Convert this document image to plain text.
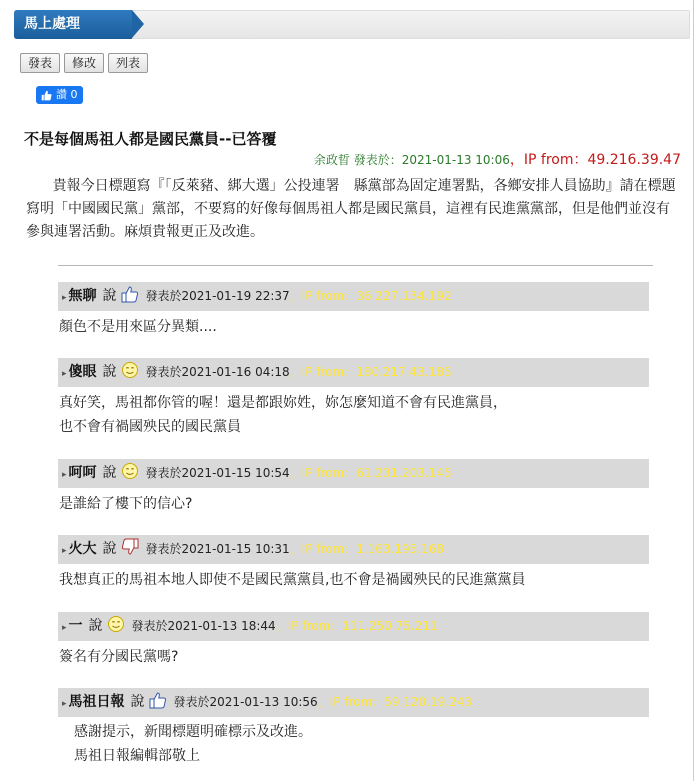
馬上處理
發表	修改	列表
讚 0
不是每個馬祖人都是國民黨員--已答覆
余政晢 發表於：2021-01-13 10:06，IP from：49.216.39.47
貴報今日標題寫『「反萊豬、綁大選」公投連署　縣黨部為固定連署點，各鄉安排人員協助』請在標題寫明「中國國民黨」黨部，不要寫的好像每個馬祖人都是國民黨員，這裡有民進黨黨部，但是他們並沒有參與連署活動。麻煩貴報更正及改進。
▸ 無聊 說 發表於2021-01-19 22:37，IP from：36.227.134.192
顏色不是用來區分異類....
▸ 傻眼 說 發表於2021-01-16 04:18，IP from：180.217.43.185
真好笑，馬祖都你管的喔！還是都跟妳姓，妳怎麼知道不會有民進黨員，
也不會有禍國殃民的國民黨員
▸ 呵呵 說 發表於2021-01-15 10:54，IP from：61.231.203.145
是誰給了樓下的信心?
▸ 火大 說 發表於2021-01-15 10:31，IP from：1.163.195.168
我想真正的馬祖本地人即使不是國民黨黨員,也不會是禍國殃民的民進黨黨員
▸ 一 說 發表於2021-01-13 18:44，IP from：111.250.75.211
簽名有分國民黨嗎?
▸ 馬祖日報 說 發表於2021-01-13 10:56，IP from：59.120.19.243
感謝提示，新聞標題明確標示及改進。
馬祖日報編輯部敬上
